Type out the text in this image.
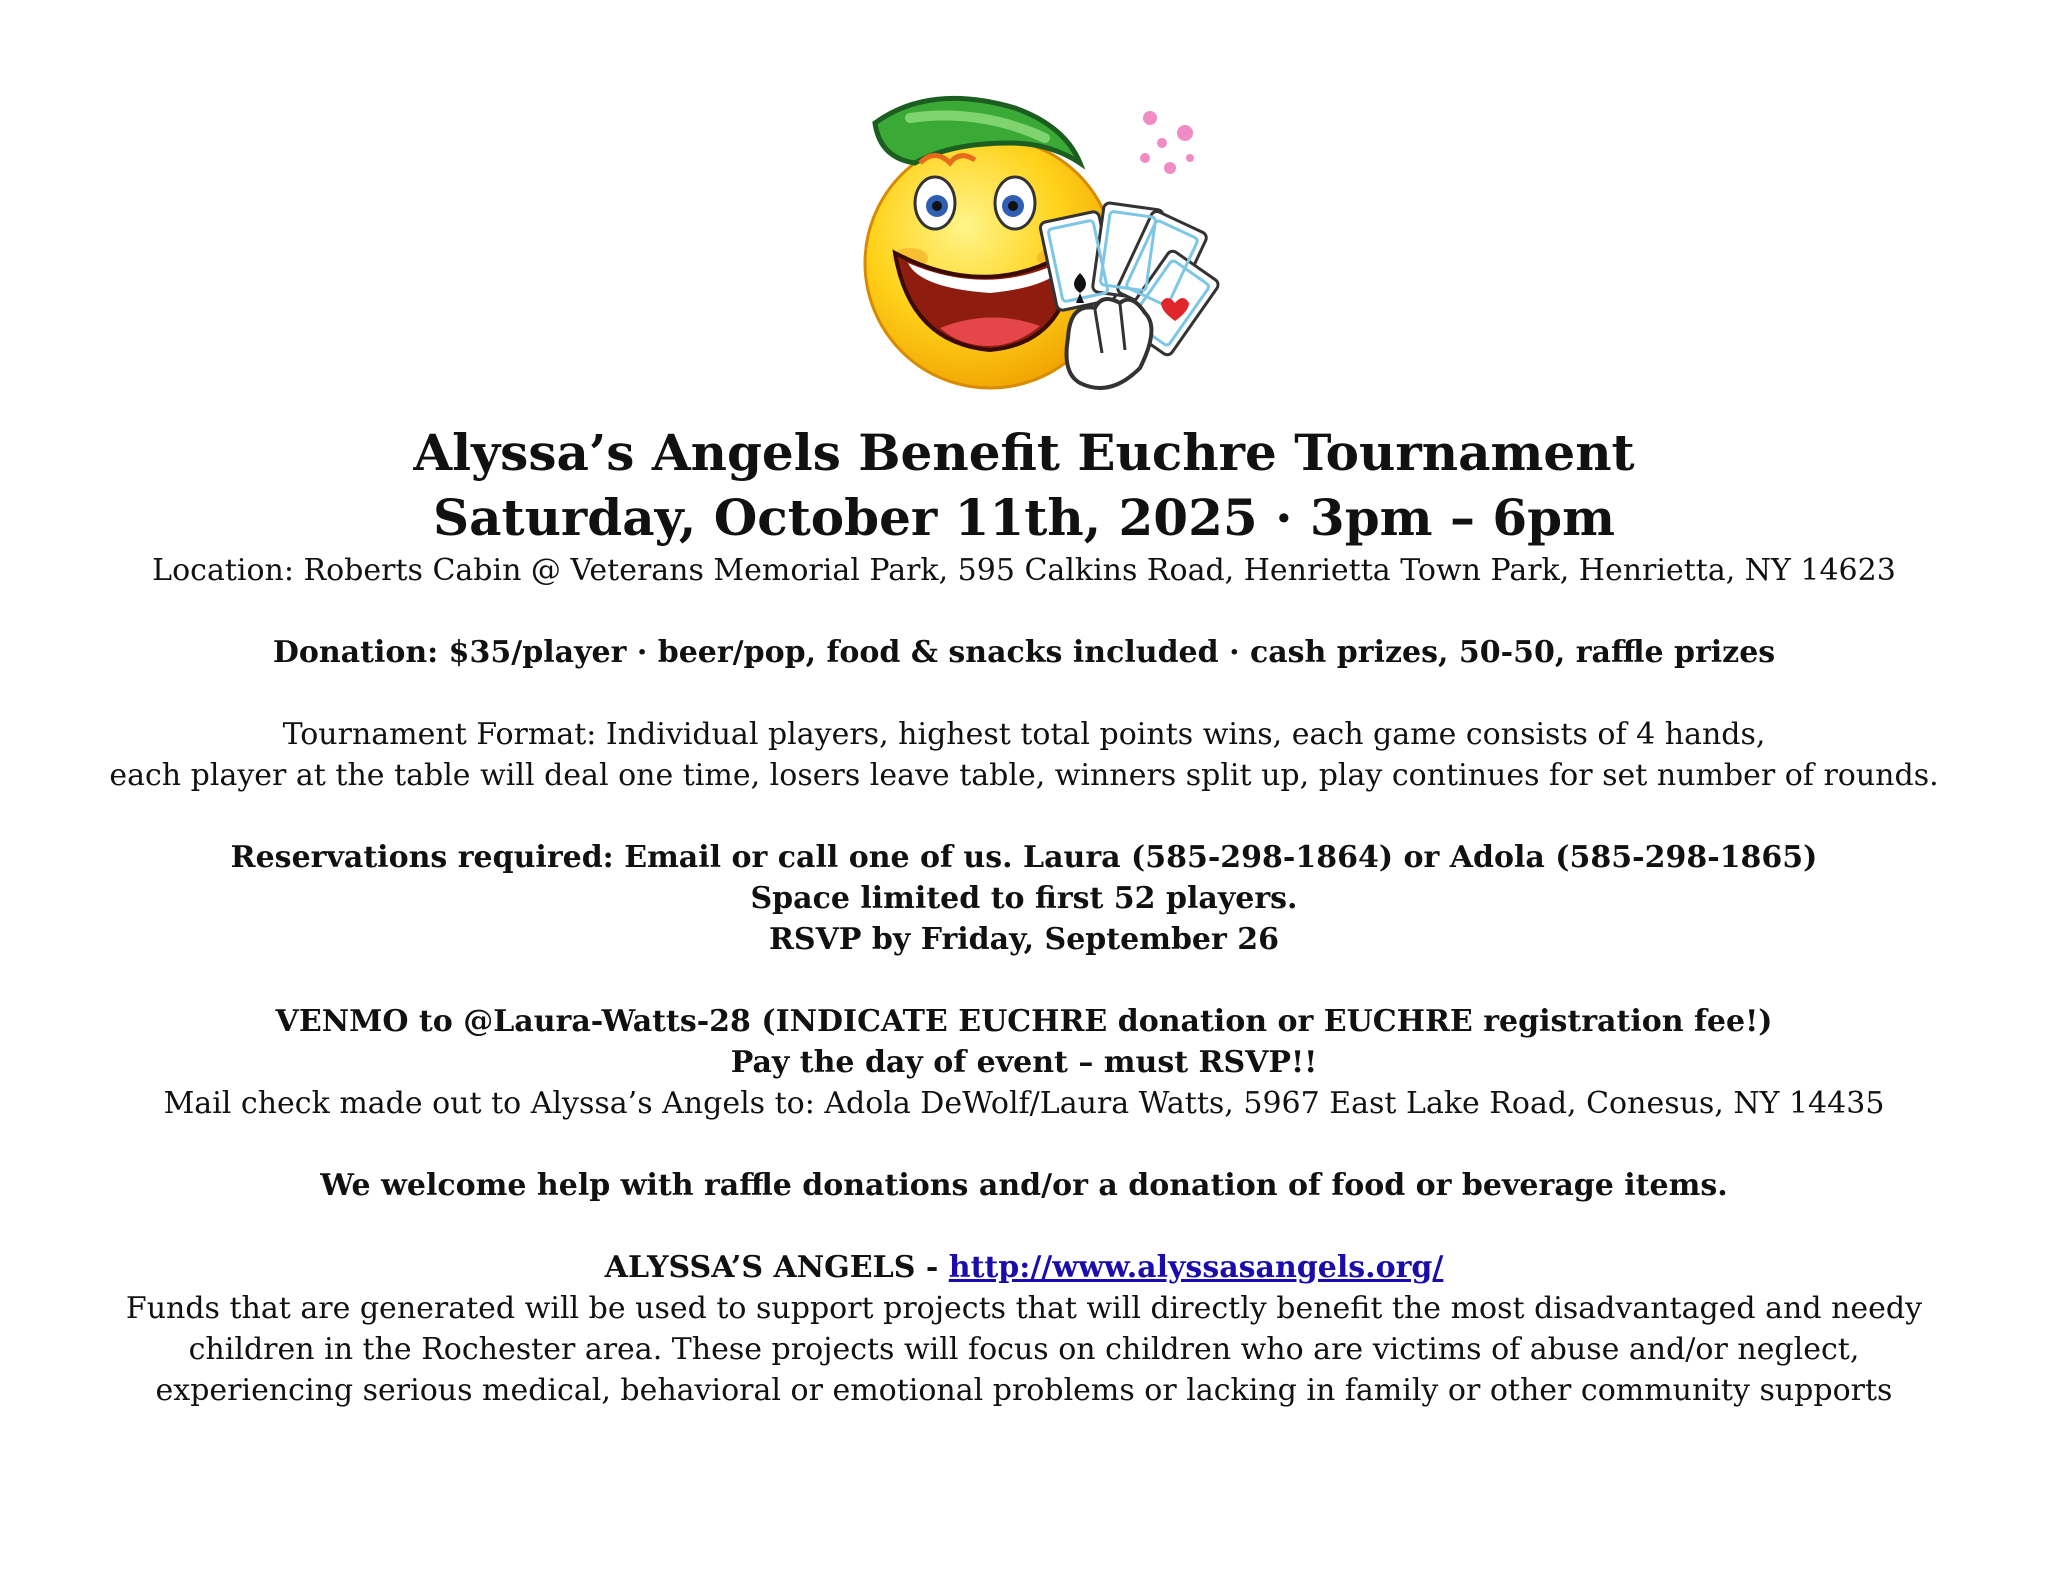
Alyssa’s Angels Benefit Euchre Tournament

Saturday, October 11th, 2025 · 3pm – 6pm

Location: Roberts Cabin @ Veterans Memorial Park, 595 Calkins Road, Henrietta Town Park, Henrietta, NY 14623

Donation: $35/player · beer/pop, food & snacks included · cash prizes, 50-50, raffle prizes

Tournament Format: Individual players, highest total points wins, each game consists of 4 hands,

each player at the table will deal one time, losers leave table, winners split up, play continues for set number of rounds.

Reservations required: Email or call one of us. Laura (585-298-1864) or Adola (585-298-1865)

Space limited to first 52 players.

RSVP by Friday, September 26

VENMO to @Laura-Watts-28 (INDICATE EUCHRE donation or EUCHRE registration fee!)

Pay the day of event – must RSVP!!

Mail check made out to Alyssa’s Angels to: Adola DeWolf/Laura Watts, 5967 East Lake Road, Conesus, NY 14435

We welcome help with raffle donations and/or a donation of food or beverage items.

ALYSSA’S ANGELS - http://www.alyssasangels.org/

Funds that are generated will be used to support projects that will directly benefit the most disadvantaged and needy

children in the Rochester area. These projects will focus on children who are victims of abuse and/or neglect,

experiencing serious medical, behavioral or emotional problems or lacking in family or other community supports
